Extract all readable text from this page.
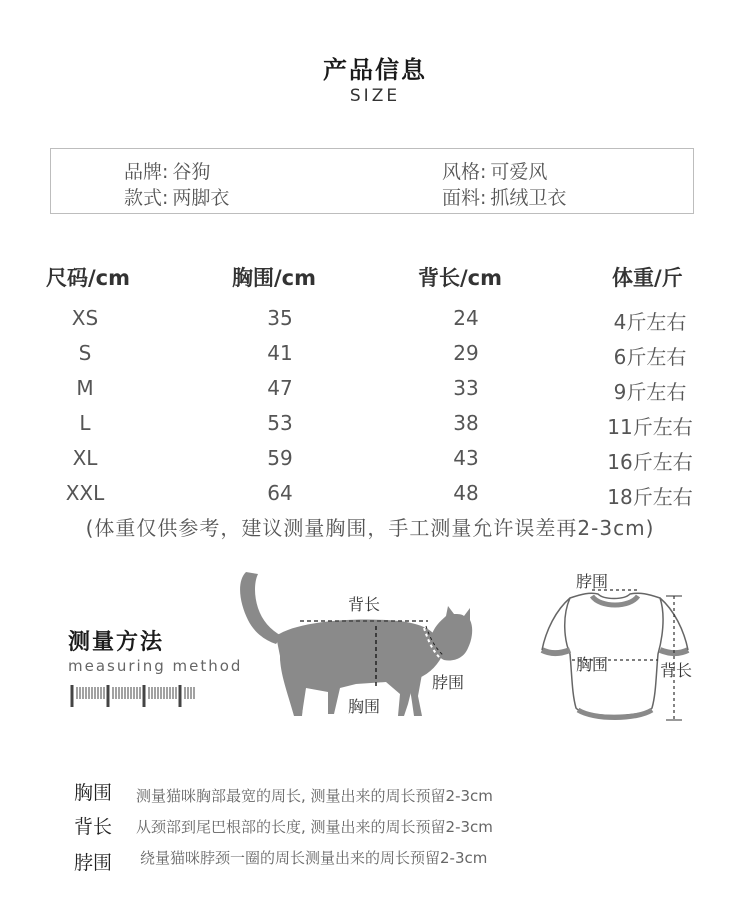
产品信息
SIZE
品牌: 谷狗	风格: 可爱风
款式: 两脚衣	面料: 抓绒卫衣
尺码/cm	胸围/cm	背长/cm	体重/斤
XS	35	24	4斤左右
S	41	29	6斤左右
M	47	33	9斤左右
L	53	38	11斤左右
XL	59	43	16斤左右
XXL	64	48	18斤左右
(体重仅供参考，建议测量胸围，手工测量允许误差再2-3cm)
测量方法
measuring method
背长
脖围
胸围
脖围
胸围	背长
胸围 测量猫咪胸部最宽的周长, 测量出来的周长预留2-3cm
背长 从颈部到尾巴根部的长度, 测量出来的周长预留2-3cm
脖围 绕量猫咪脖颈一圈的周长测量出来的周长预留2-3cm
